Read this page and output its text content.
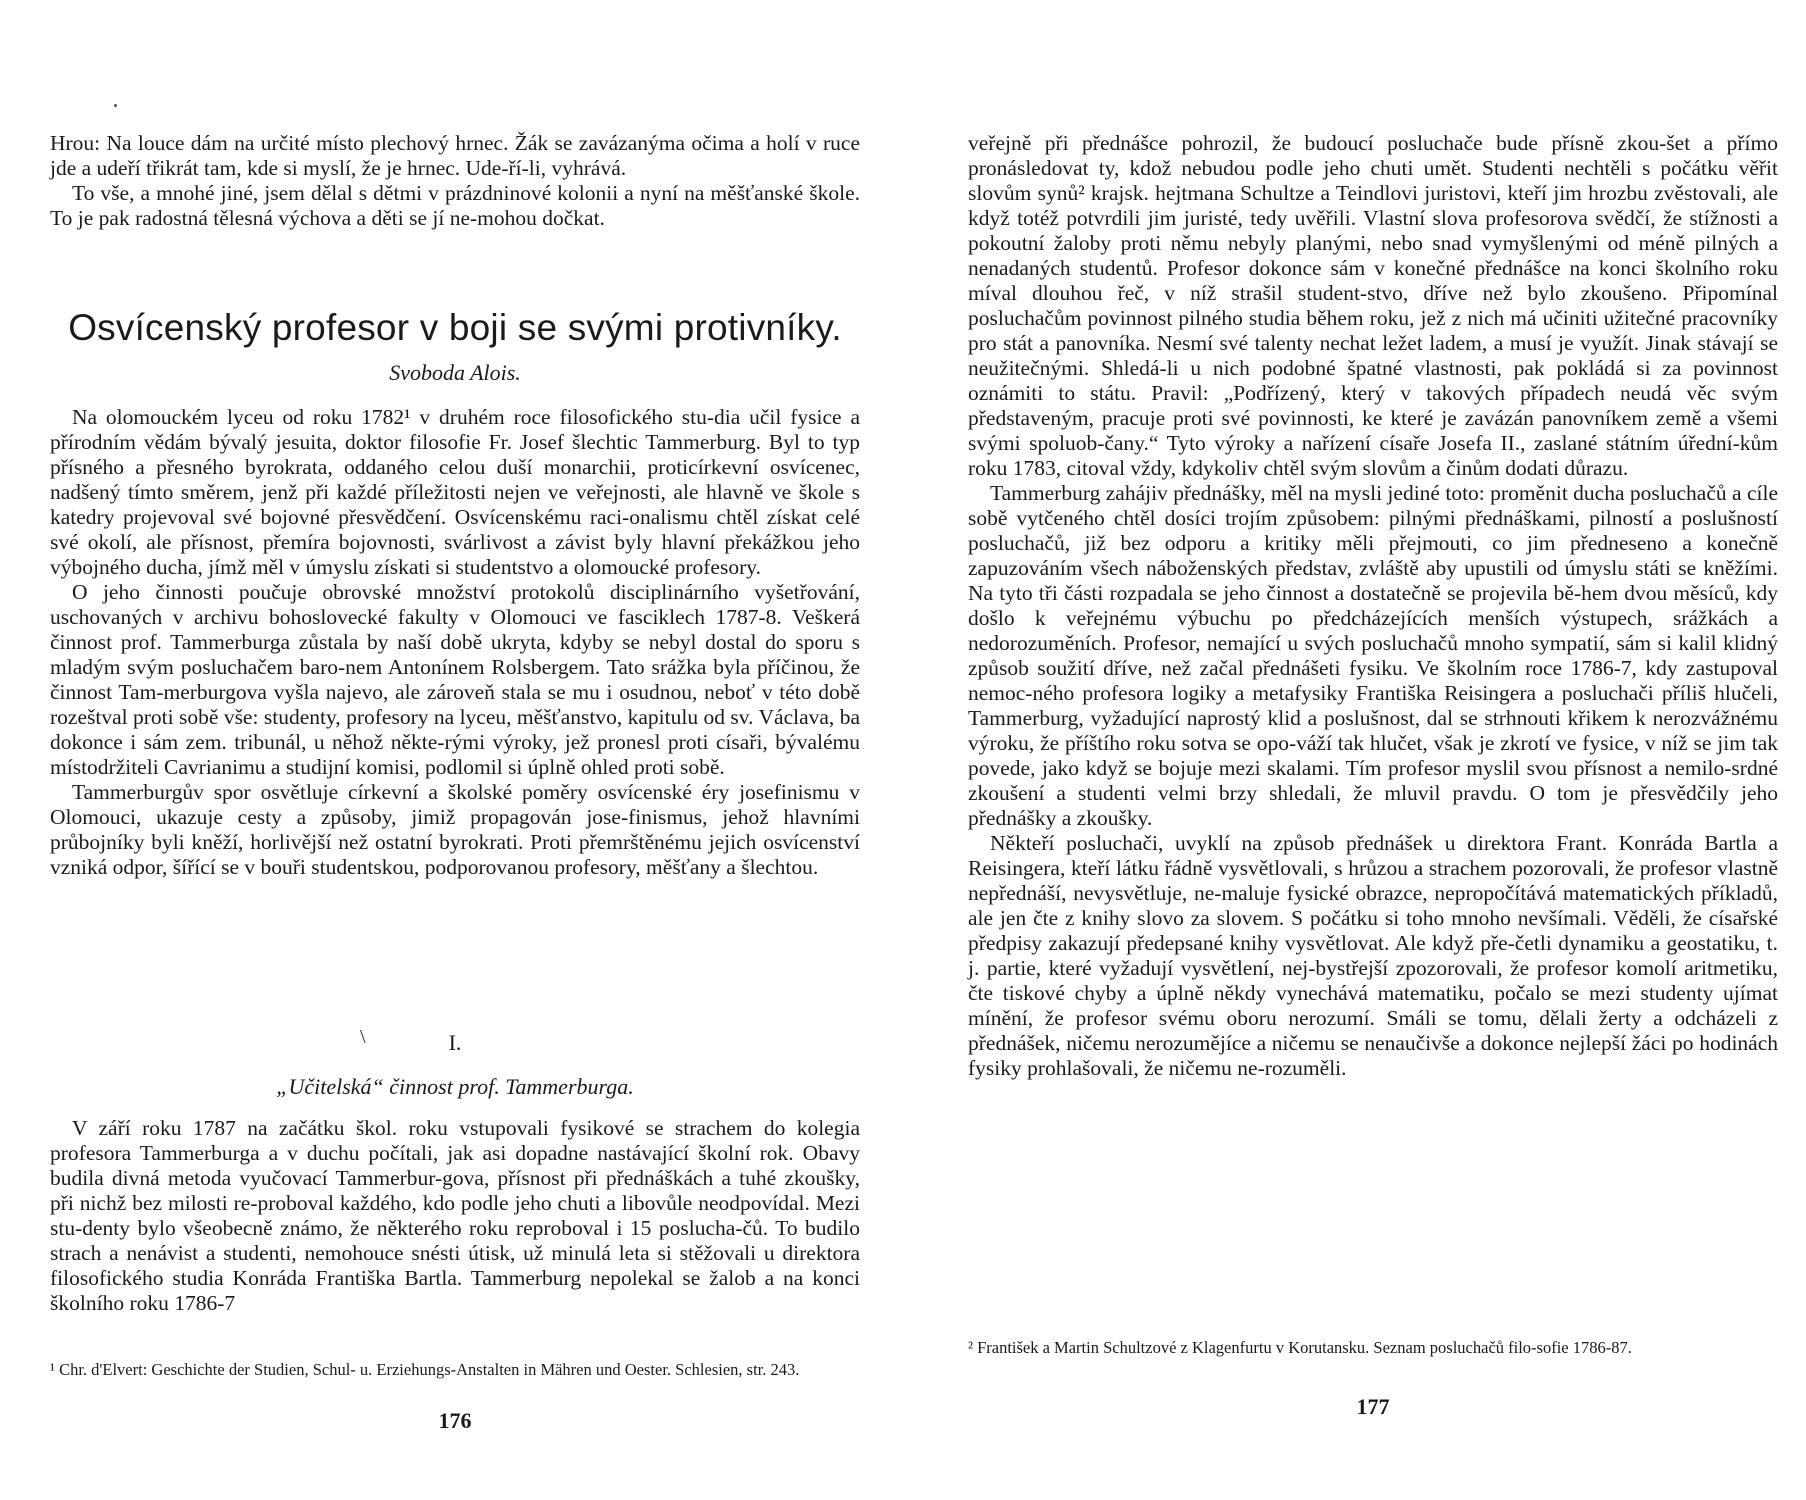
Hrou: Na louce dám na určité místo plechový hrnec. Žák se zavázanýma očima a holí v ruce jde a udeří třikrát tam, kde si myslí, že je hrnec. Ude-ří-li, vyhrává.

To vše, a mnohé jiné, jsem dělal s dětmi v prázdninové kolonii a nyní na měšťanské škole. To je pak radostná tělesná výchova a děti se jí ne-mohou dočkat.

Osvícenský profesor v boji se svými protivníky.
Svoboda Alois.

Na olomouckém lyceu od roku 1782¹ v druhém roce filosofického stu-dia učil fysice a přírodním vědám bývalý jesuita, doktor filosofie Fr. Josef šlechtic Tammerburg. Byl to typ přísného a přesného byrokrata, oddaného celou duší monarchii, proticírkevní osvícenec, nadšený tímto směrem, jenž při každé příležitosti nejen ve veřejnosti, ale hlavně ve škole s katedry projevoval své bojovné přesvědčení. Osvícenskému raci-onalismu chtěl získat celé své okolí, ale přísnost, přemíra bojovnosti, svárlivost a závist byly hlavní překážkou jeho výbojného ducha, jímž měl v úmyslu získati si studentstvo a olomoucké profesory.

O jeho činnosti poučuje obrovské množství protokolů disciplinárního vyšetřování, uschovaných v archivu bohoslovecké fakulty v Olomouci ve fasciklech 1787-8. Veškerá činnost prof. Tammerburga zůstala by naší době ukryta, kdyby se nebyl dostal do sporu s mladým svým posluchačem baro-nem Antonínem Rolsbergem. Tato srážka byla příčinou, že činnost Tam-merburgova vyšla najevo, ale zároveň stala se mu i osudnou, neboť v této době rozeštval proti sobě vše: studenty, profesory na lyceu, měšťanstvo, kapitulu od sv. Václava, ba dokonce i sám zem. tribunál, u něhož někte-rými výroky, jež pronesl proti císaři, bývalému místodržiteli Cavrianimu a studijní komisi, podlomil si úplně ohled proti sobě.

Tammerburgův spor osvětluje církevní a školské poměry osvícenské éry josefinismu v Olomouci, ukazuje cesty a způsoby, jimiž propagován jose-finismus, jehož hlavními průbojníky byli kněží, horlivější než ostatní byrokrati. Proti přemrštěnému jejich osvícenství vzniká odpor, šířící se v bouři studentskou, podporovanou profesory, měšťany a šlechtou.

\	I.
„Učitelská“ činnost prof. Tammerburga.

V září roku 1787 na začátku škol. roku vstupovali fysikové se strachem do kolegia profesora Tammerburga a v duchu počítali, jak asi dopadne nastávající školní rok. Obavy budila divná metoda vyučovací Tammerbur-gova, přísnost při přednáškách a tuhé zkoušky, při nichž bez milosti re-proboval každého, kdo podle jeho chuti a libovůle neodpovídal. Mezi stu-denty bylo všeobecně známo, že některého roku reproboval i 15 posluchа-čů. To budilo strach a nenávist a studenti, nemohouce snésti útisk, už minulá leta si stěžovali u direktora filosofického studia Konráda Františka Bartla. Tammerburg nepolekal se žalob a na konci školního roku 1786-7

¹ Chr. d'Elvert: Geschichte der Studien, Schul- u. Erziehungs-Anstalten in Mähren und Oester. Schlesien, str. 243.

176

veřejně při přednášce pohrozil, že budoucí posluchače bude přísně zkou-šet a přímo pronásledovat ty, kdož nebudou podle jeho chuti umět. Studenti nechtěli s počátku věřit slovům synů² krajsk. hejtmana Schultze a Teindlovi juristovi, kteří jim hrozbu zvěstovali, ale když totéž potvrdili jim juristé, tedy uvěřili. Vlastní slova profesorova svědčí, že stížnosti a pokoutní žaloby proti němu nebyly planými, nebo snad vymyšlenými od méně pilných a nenadaných studentů. Profesor dokonce sám v konečné přednášce na konci školního roku míval dlouhou řeč, v níž strašil student-stvo, dříve než bylo zkoušeno. Připomínal posluchačům povinnost pilného studia během roku, jež z nich má učiniti užitečné pracovníky pro stát a panovníka. Nesmí své talenty nechat ležet ladem, a musí je využít. Jinak stávají se neužitečnými. Shledá-li u nich podobné špatné vlastnosti, pak pokládá si za povinnost oznámiti to státu. Pravil: „Podřízený, který v takových případech neudá věc svým představeným, pracuje proti své povinnosti, ke které je zavázán panovníkem země a všemi svými spoluob-čany.“ Tyto výroky a nařízení císaře Josefa II., zaslané státním úřední-kům roku 1783, citoval vždy, kdykoliv chtěl svým slovům a činům dodati důrazu.

Tammerburg zahájiv přednášky, měl na mysli jediné toto: proměnit ducha posluchačů a cíle sobě vytčeného chtěl dosíci trojím způsobem: pilnými přednáškami, pilností a poslušností posluchačů, již bez odporu a kritiky měli přejmouti, co jim předneseno a konečně zapuzováním všech náboženských představ, zvláště aby upustili od úmyslu státi se kněžími. Na tyto tři části rozpadala se jeho činnost a dostatečně se projevila bě-hem dvou měsíců, kdy došlo k veřejnému výbuchu po předcházejících menších výstupech, srážkách a nedorozuměních. Profesor, nemající u svých posluchačů mnoho sympatií, sám si kalil klidný způsob soužití dříve, než začal přednášeti fysiku. Ve školním roce 1786-7, kdy zastupoval nemoc-ného profesora logiky a metafysiky Františka Reisingera a posluchači příliš hlučeli, Tammerburg, vyžadující naprostý klid a poslušnost, dal se strhnouti křikem k nerozvážnému výroku, že příštího roku sotva se opo-váží tak hlučet, však je zkrotí ve fysice, v níž se jim tak povede, jako když se bojuje mezi skalami. Tím profesor myslil svou přísnost a nemilo-srdné zkoušení a studenti velmi brzy shledali, že mluvil pravdu. O tom je přesvědčily jeho přednášky a zkoušky.

Někteří posluchači, uvyklí na způsob přednášek u direktora Frant. Konráda Bartla a Reisingera, kteří látku řádně vysvětlovali, s hrůzou a strachem pozorovali, že profesor vlastně nepřednáší, nevysvětluje, ne-maluje fysické obrazce, nepropočítává matematických příkladů, ale jen čte z knihy slovo za slovem. S počátku si toho mnoho nevšímali. Věděli, že císařské předpisy zakazují předepsané knihy vysvětlovat. Ale když pře-četli dynamiku a geostatiku, t. j. partie, které vyžadují vysvětlení, nej-bystřejší zpozorovali, že profesor komolí aritmetiku, čte tiskové chyby a úplně někdy vynechává matematiku, počalo se mezi studenty ujímat mínění, že profesor svému oboru nerozumí. Smáli se tomu, dělali žerty a odcházeli z přednášek, ničemu nerozumějíce a ničemu se nenaučivše a dokonce nejlepší žáci po hodinách fysiky prohlašovali, že ničemu ne-rozuměli.

² František a Martin Schultzové z Klagenfurtu v Korutansku. Seznam posluchačů filo-sofie 1786-87.

177
